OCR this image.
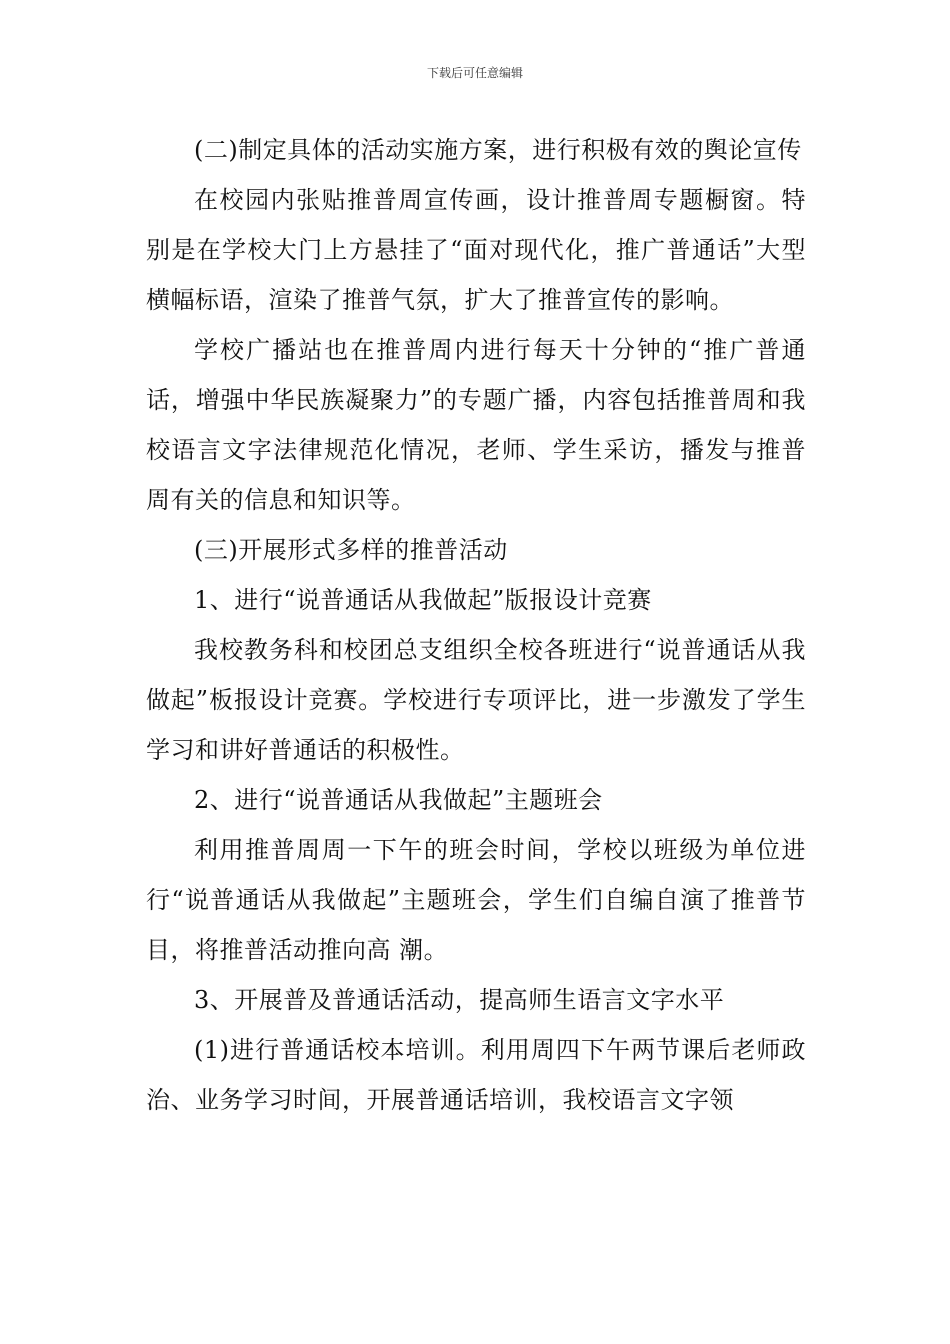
下载后可任意编辑

(二)制定具体的活动实施方案，进行积极有效的舆论宣传

在校园内张贴推普周宣传画，设计推普周专题橱窗。特别是在学校大门上方悬挂了“面对现代化，推广普通话”大型横幅标语，渲染了推普气氛，扩大了推普宣传的影响。

学校广播站也在推普周内进行每天十分钟的“推广普通话，增强中华民族凝聚力”的专题广播，内容包括推普周和我校语言文字法律规范化情况，老师、学生采访，播发与推普周有关的信息和知识等。

(三)开展形式多样的推普活动

1、进行“说普通话从我做起”版报设计竞赛

我校教务科和校团总支组织全校各班进行“说普通话从我做起”板报设计竞赛。学校进行专项评比，进一步激发了学生学习和讲好普通话的积极性。

2、进行“说普通话从我做起”主题班会

利用推普周周一下午的班会时间，学校以班级为单位进行“说普通话从我做起”主题班会，学生们自编自演了推普节目，将推普活动推向高 潮。

3、开展普及普通话活动，提高师生语言文字水平

(1)进行普通话校本培训。利用周四下午两节课后老师政治、业务学习时间，开展普通话培训，我校语言文字领
